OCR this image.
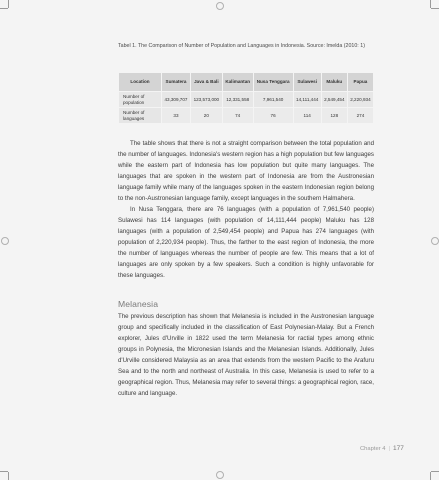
Tabel 1. The Comparison of Number of Population and Languages in Indonesia. Source: Imelda (2010: 1)
Location	Sumatera	Java & Bali	Kalimantan	Nusa Tenggara	Sulawesi	Maluku	Papua
Number of population	43,309,707	123,573,000	12,331,558	7,961,540	14,111,444	2,549,454	2,220,934
Number of languages	33	20	74	76	114	128	274

The table shows that there is not a straight comparison between the total population and the number of languages. Indonesia's western region has a high population but few languages while the eastern part of Indonesia has low population but quite many languages. The languages that are spoken in the western part of Indonesia are from the Austronesian language family while many of the languages spoken in the eastern Indonesian region belong to the non-Austronesian language family, except languages in the southern Halmahera.

In Nusa Tenggara, there are 76 languages (with a population of 7,961,540 people) Sulawesi has 114 languages (with population of 14,111,444 people) Maluku has 128 languages (with a population of 2,549,454 people) and Papua has 274 languages (with population of 2,220,934 people). Thus, the farther to the east region of Indonesia, the more the number of languages whereas the number of people are few. This means that a lot of languages are only spoken by a few speakers. Such a condition is highly unfavorable for these languages.

Melanesia

The previous description has shown that Melanesia is included in the Austronesian language group and specifically included in the classification of East Polynesian-Malay. But a French explorer, Jules d'Urville in 1822 used the term Melanesia for ractial types among ethnic groups in Polynesia, the Micronesian Islands and the Melanesian Islands. Additionally, Jules d'Urville considered Malaysia as an area that extends from the western Pacific to the Arafuru Sea and to the north and northeast of Australia. In this case, Melanesia is used to refer to a geographical region. Thus, Melanesia may refer to several things: a geographical region, race, culture and language.

Chapter 4 | 177
